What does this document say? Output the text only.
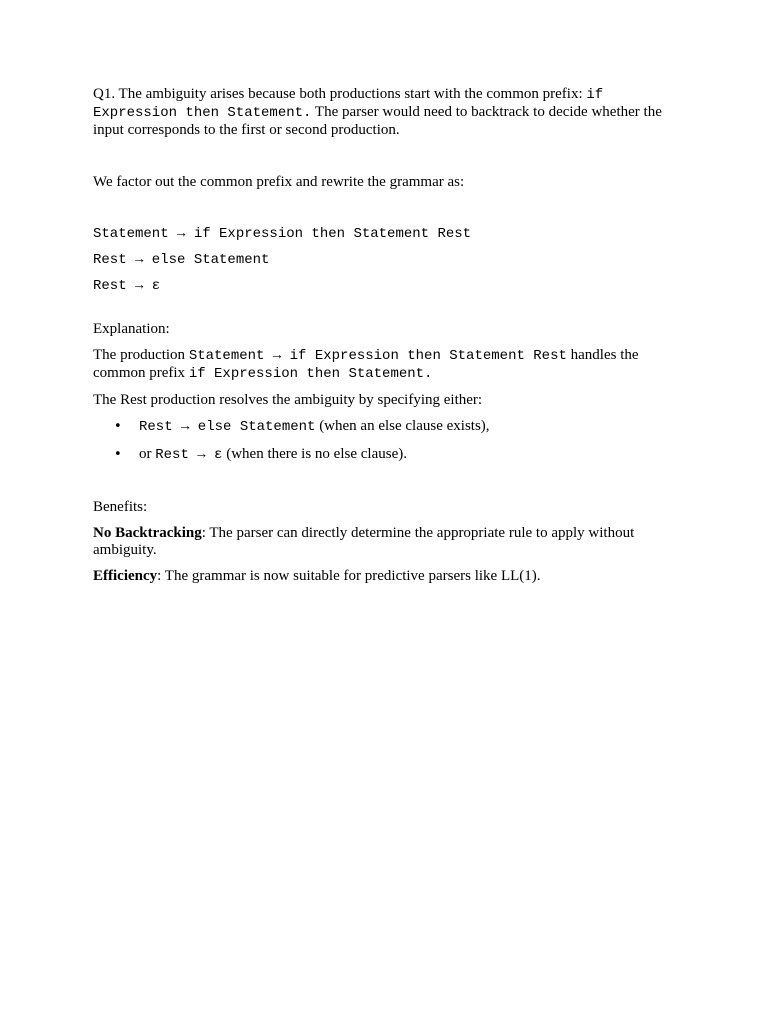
Q1. The ambiguity arises because both productions start with the common prefix: if Expression then Statement. The parser would need to backtrack to decide whether the input corresponds to the first or second production.

We factor out the common prefix and rewrite the grammar as:

Statement → if Expression then Statement Rest

Rest → else Statement

Rest → ε

Explanation:

The production Statement → if Expression then Statement Rest handles the common prefix if Expression then Statement.

The Rest production resolves the ambiguity by specifying either:

• Rest → else Statement (when an else clause exists),
• or Rest → ε (when there is no else clause).

Benefits:

No Backtracking: The parser can directly determine the appropriate rule to apply without ambiguity.

Efficiency: The grammar is now suitable for predictive parsers like LL(1).
